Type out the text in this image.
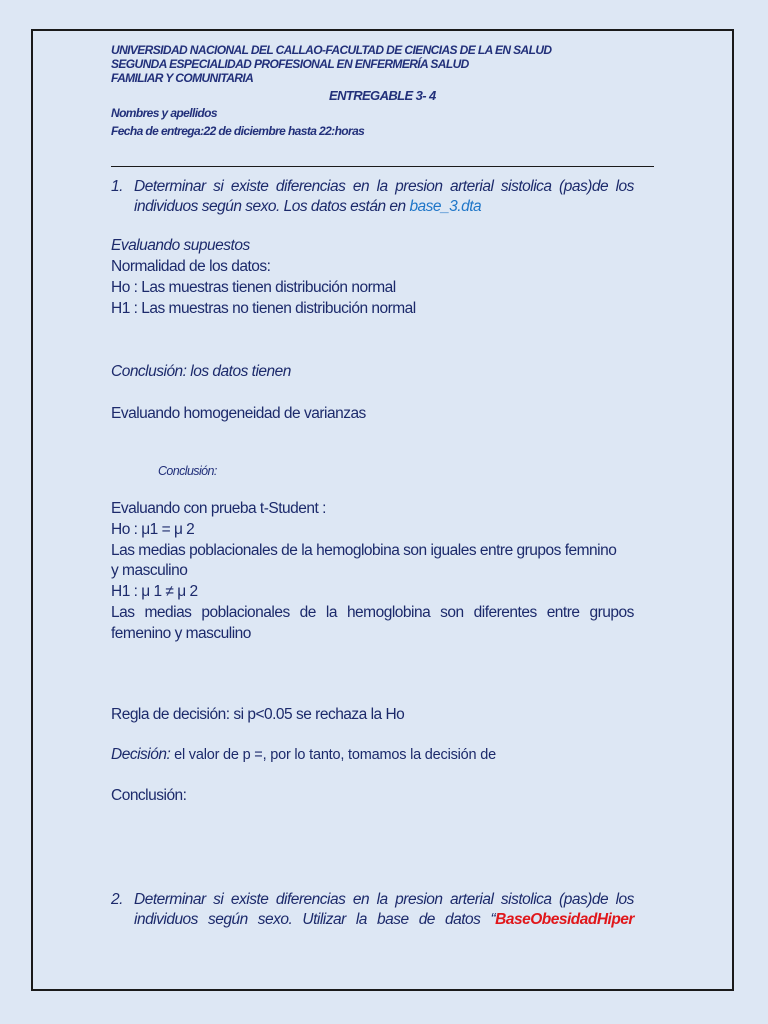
UNIVERSIDAD NACIONAL DEL CALLAO-FACULTAD DE CIENCIAS DE LA EN SALUD
SEGUNDA ESPECIALIDAD PROFESIONAL EN ENFERMERÍA SALUD
FAMILIAR Y COMUNITARIA
ENTREGABLE 3- 4
Nombres y apellidos
Fecha de entrega:22 de diciembre hasta 22:horas
1. Determinar si existe diferencias en la presion arterial sistolica (pas)de los
individuos según sexo. Los datos están en base_3.dta
Evaluando supuestos
Normalidad de los datos:
Ho : Las muestras tienen distribución normal
H1 : Las muestras no tienen distribución normal
Conclusión: los datos tienen
Evaluando homogeneidad de varianzas
Conclusión:
Evaluando con prueba t-Student :
Ho : μ1 = μ 2
Las medias poblacionales de la hemoglobina son iguales entre grupos femnino
y masculino
H1 : μ 1 ≠ μ 2
Las medias poblacionales de la hemoglobina son diferentes entre grupos
femenino y masculino
Regla de decisión: si p<0.05 se rechaza la Ho
Decisión: el valor de p =, por lo tanto, tomamos la decisión de
Conclusión:
2. Determinar si existe diferencias en la presion arterial sistolica (pas)de los
individuos según sexo. Utilizar la base de datos “BaseObesidadHiper
